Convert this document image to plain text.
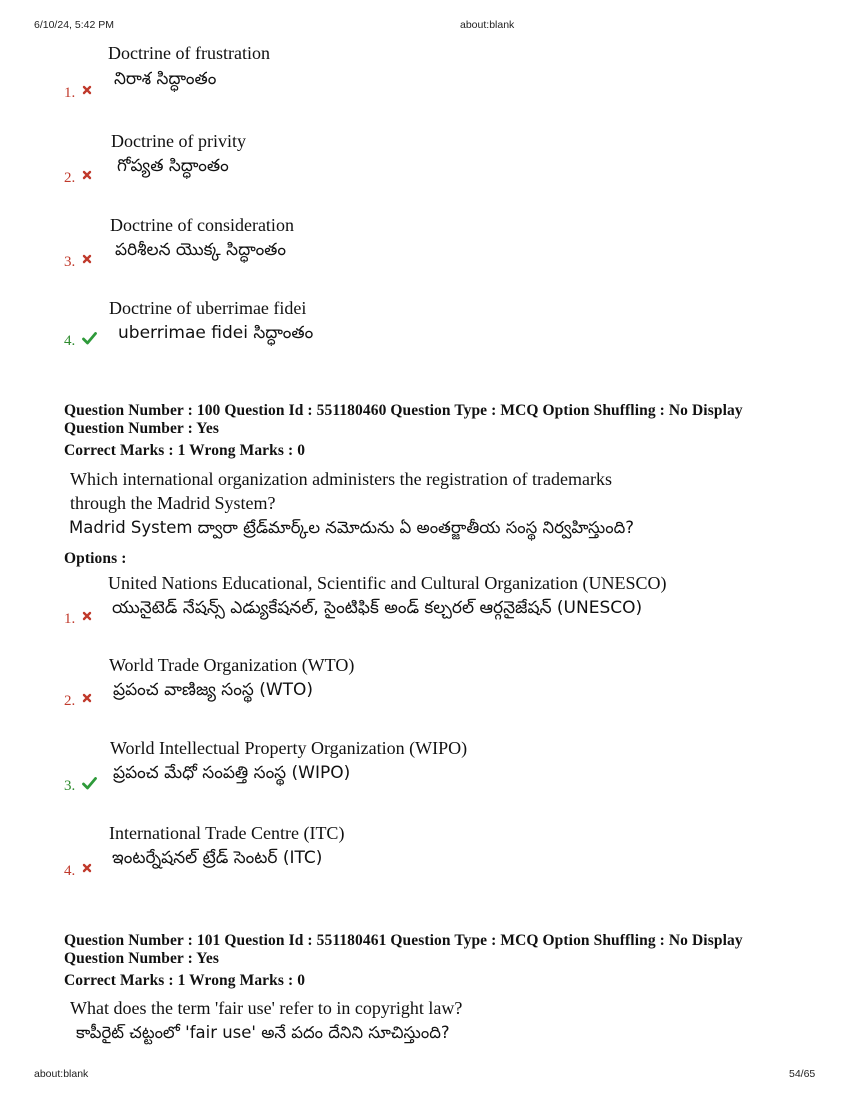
6/10/24, 5:42 PM	about:blank
Doctrine of frustration
నిరాశ సిద్ధాంతం
1.
Doctrine of privity
గోప్యత సిద్ధాంతం
2.
Doctrine of consideration
పరిశీలన యొక్క సిద్ధాంతం
3.
Doctrine of uberrimae fidei
uberrimae fidei సిద్ధాంతం
4.
Question Number : 100 Question Id : 551180460 Question Type : MCQ Option Shuffling : No Display
Question Number : Yes
Correct Marks : 1 Wrong Marks : 0
Which international organization administers the registration of trademarks
through the Madrid System?
Madrid System ద్వారా ట్రేడ్‌మార్క్‌ల నమోదును ఏ అంతర్జాతీయ సంస్థ నిర్వహిస్తుంది?
Options :
United Nations Educational, Scientific and Cultural Organization (UNESCO)
యునైటెడ్ నేషన్స్ ఎడ్యుకేషనల్, సైంటిఫిక్ అండ్ కల్చరల్ ఆర్గనైజేషన్ (UNESCO)
1.
World Trade Organization (WTO)
ప్రపంచ వాణిజ్య సంస్థ (WTO)
2.
World Intellectual Property Organization (WIPO)
ప్రపంచ మేధో సంపత్తి సంస్థ (WIPO)
3.
International Trade Centre (ITC)
ఇంటర్నేషనల్ ట్రేడ్ సెంటర్ (ITC)
4.
Question Number : 101 Question Id : 551180461 Question Type : MCQ Option Shuffling : No Display
Question Number : Yes
Correct Marks : 1 Wrong Marks : 0
What does the term 'fair use' refer to in copyright law?
కాపీరైట్ చట్టంలో 'fair use' అనే పదం దేనిని సూచిస్తుంది?
about:blank	54/65
